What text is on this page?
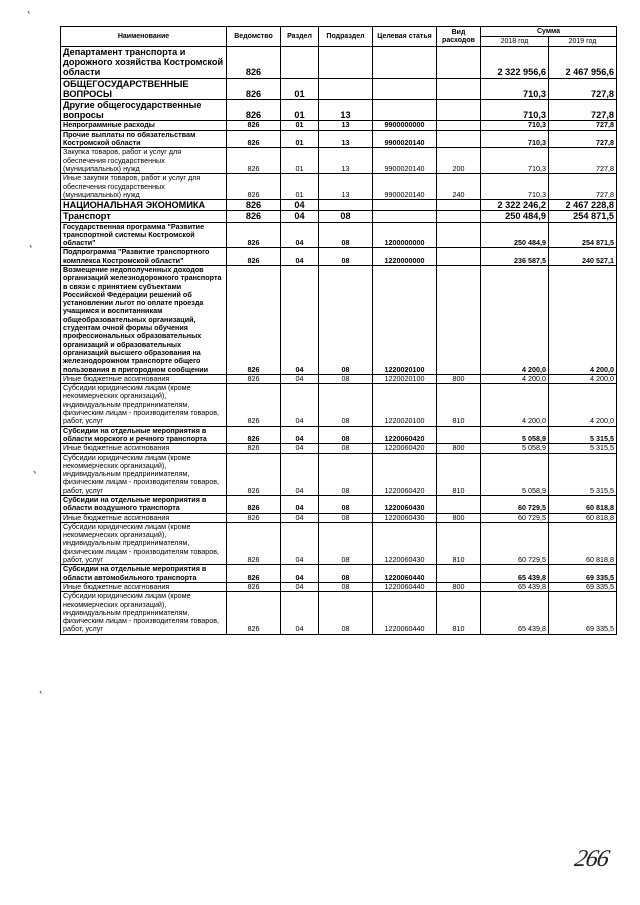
Наименование	Ведомство	Раздел	Подраздел	Целевая статья	Вид расходов	Сумма	
						2018 год	2019 год
Департамент транспорта и дорожного хозяйства Костромской области	826					2 322 956,6	2 467 956,6
ОБЩЕГОСУДАРСТВЕННЫЕ ВОПРОСЫ	826	01				710,3	727,8
Другие общегосударственные вопросы	826	01	13			710,3	727,8
Непрограммные расходы	826	01	13	9900000000		710,3	727,8
Прочие выплаты по обязательствам Костромской области	826	01	13	9900020140		710,3	727,8
Закупка товаров, работ и услуг для обеспечения государственных (муниципальных) нужд	826	01	13	9900020140	200	710,3	727,8
Иные закупки товаров, работ и услуг для обеспечения государственных (муниципальных) нужд	826	01	13	9900020140	240	710,3	727,8
НАЦИОНАЛЬНАЯ ЭКОНОМИКА	826	04				2 322 246,2	2 467 228,8
Транспорт	826	04	08			250 484,9	254 871,5
Государственная программа "Развитие транспортной системы Костромской области"	826	04	08	1200000000		250 484,9	254 871,5
Подпрограмма "Развитие транспортного комплекса Костромской области"	826	04	08	1220000000		236 587,5	240 527,1
Возмещение недополученных доходов организаций железнодорожного транспорта в связи с принятием субъектами Российской Федерации решений об установлении льгот по оплате проезда учащимся и воспитанникам общеобразовательных организаций, студентам очной формы обучения профессиональных образовательных организаций и образовательных организаций высшего образования на железнодорожном транспорте общего пользования в пригородном сообщении	826	04	08	1220020100		4 200,0	4 200,0
Иные бюджетные ассигнования	826	04	08	1220020100	800	4 200,0	4 200,0
Субсидии юридическим лицам (кроме некоммерческих организаций), индивидуальным предпринимателям, физическим лицам - производителям товаров, работ, услуг	826	04	08	1220020100	810	4 200,0	4 200,0
Субсидии на отдельные мероприятия в области морского и речного транспорта	826	04	08	1220060420		5 058,9	5 315,5
Иные бюджетные ассигнования	826	04	08	1220060420	800	5 058,9	5 315,5
Субсидии юридическим лицам (кроме некоммерческих организаций), индивидуальным предпринимателям, физическим лицам - производителям товаров, работ, услуг	826	04	08	1220060420	810	5 058,9	5 315,5
Субсидии на отдельные мероприятия в области воздушного транспорта	826	04	08	1220060430		60 729,5	60 818,8
Иные бюджетные ассигнования	826	04	08	1220060430	800	60 729,5	60 818,8
Субсидии юридическим лицам (кроме некоммерческих организаций), индивидуальным предпринимателям, физическим лицам - производителям товаров, работ, услуг	826	04	08	1220060430	810	60 729,5	60 818,8
Субсидии на отдельные мероприятия в области автомобильного транспорта	826	04	08	1220060440		65 439,8	69 335,5
Иные бюджетные ассигнования	826	04	08	1220060440	800	65 439,8	69 335,5
Субсидии юридическим лицам (кроме некоммерческих организаций), индивидуальным предпринимателям, физическим лицам - производителям товаров, работ, услуг	826	04	08	1220060440	810	65 439,8	69 335,5
266
